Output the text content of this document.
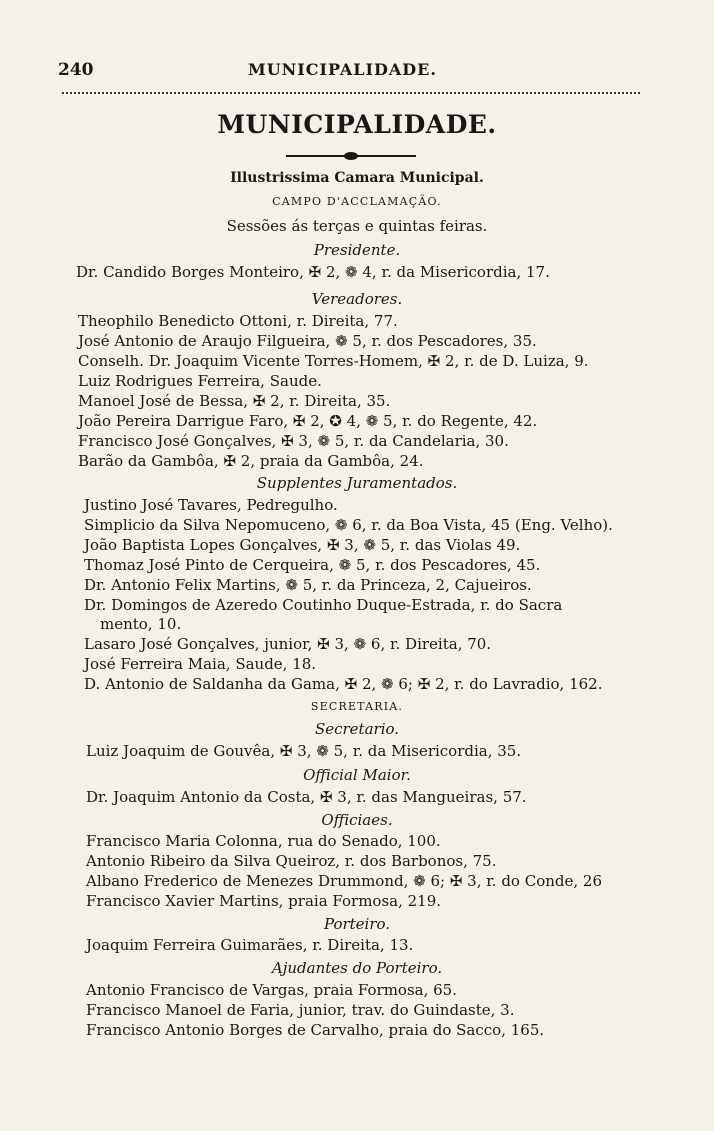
240	MUNICIPALIDADE.
MUNICIPALIDADE.
Illustrissima Camara Municipal.
CAMPO D'ACCLAMAÇÃO.
Sessões ás terças e quintas feiras.
Presidente.
Dr. Candido Borges Monteiro, ✠ 2, ❁ 4, r. da Misericordia, 17.
Vereadores.
Theophilo Benedicto Ottoni, r. Direita, 77.
José Antonio de Araujo Filgueira, ❁ 5, r. dos Pescadores, 35.
Conselh. Dr. Joaquim Vicente Torres-Homem, ✠ 2, r. de D. Luiza, 9.
Luiz Rodrigues Ferreira, Saude.
Manoel José de Bessa, ✠ 2, r. Direita, 35.
João Pereira Darrigue Faro, ✠ 2, ✪ 4, ❁ 5, r. do Regente, 42.
Francisco José Gonçalves, ✠ 3, ❁ 5, r. da Candelaria, 30.
Barão da Gambôa, ✠ 2, praia da Gambôa, 24.
Supplentes Juramentados.
Justino José Tavares, Pedregulho.
Simplicio da Silva Nepomuceno, ❁ 6, r. da Boa Vista, 45 (Eng. Velho).
João Baptista Lopes Gonçalves, ✠ 3, ❁ 5, r. das Violas 49.
Thomaz José Pinto de Cerqueira, ❁ 5, r. dos Pescadores, 45.
Dr. Antonio Felix Martins, ❁ 5, r. da Princeza, 2, Cajueiros.
Dr. Domingos de Azeredo Coutinho Duque-Estrada, r. do Sacra
mento, 10.
Lasaro José Gonçalves, junior, ✠ 3, ❁ 6, r. Direita, 70.
José Ferreira Maia, Saude, 18.
D. Antonio de Saldanha da Gama, ✠ 2, ❁ 6; ✠ 2, r. do Lavradio, 162.
SECRETARIA.
Secretario.
Luiz Joaquim de Gouvêa, ✠ 3, ❁ 5, r. da Misericordia, 35.
Official Maior.
Dr. Joaquim Antonio da Costa, ✠ 3, r. das Mangueiras, 57.
Officiaes.
Francisco Maria Colonna, rua do Senado, 100.
Antonio Ribeiro da Silva Queiroz, r. dos Barbonos, 75.
Albano Frederico de Menezes Drummond, ❁ 6; ✠ 3, r. do Conde, 26
Francisco Xavier Martins, praia Formosa, 219.
Porteiro.
Joaquim Ferreira Guimarães, r. Direita, 13.
Ajudantes do Porteiro.
Antonio Francisco de Vargas, praia Formosa, 65.
Francisco Manoel de Faria, junior, trav. do Guindaste, 3.
Francisco Antonio Borges de Carvalho, praia do Sacco, 165.
